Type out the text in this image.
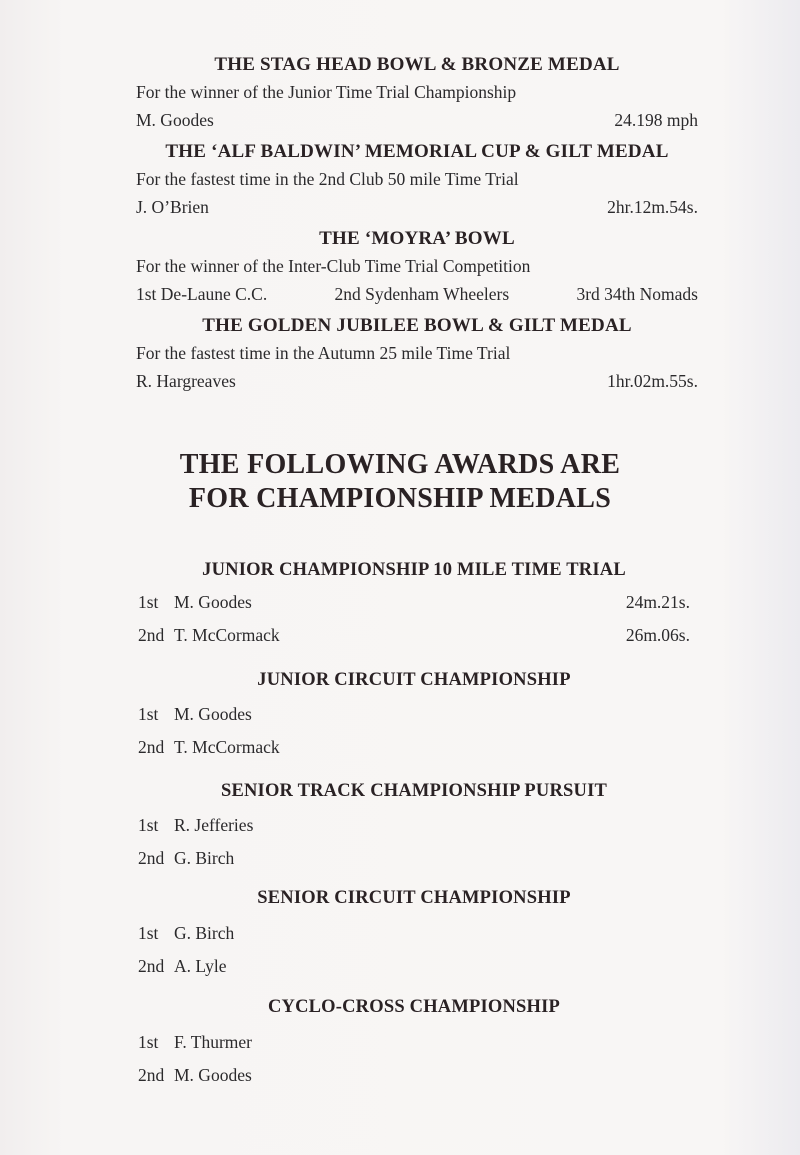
THE STAG HEAD BOWL & BRONZE MEDAL
For the winner of the Junior Time Trial Championship
M. Goodes	24.198 mph
THE ‘ALF BALDWIN’ MEMORIAL CUP & GILT MEDAL
For the fastest time in the 2nd Club 50 mile Time Trial
J. O’Brien	2hr.12m.54s.
THE ‘MOYRA’ BOWL
For the winner of the Inter-Club Time Trial Competition
1st De-Laune C.C.	2nd Sydenham Wheelers	3rd 34th Nomads
THE GOLDEN JUBILEE BOWL & GILT MEDAL
For the fastest time in the Autumn 25 mile Time Trial
R. Hargreaves	1hr.02m.55s.
THE FOLLOWING AWARDS ARE
FOR CHAMPIONSHIP MEDALS
JUNIOR CHAMPIONSHIP 10 MILE TIME TRIAL
1st M. Goodes	24m.21s.
2nd T. McCormack	26m.06s.
JUNIOR CIRCUIT CHAMPIONSHIP
1st M. Goodes
2nd T. McCormack
SENIOR TRACK CHAMPIONSHIP PURSUIT
1st R. Jefferies
2nd G. Birch
SENIOR CIRCUIT CHAMPIONSHIP
1st G. Birch
2nd A. Lyle
CYCLO-CROSS CHAMPIONSHIP
1st F. Thurmer
2nd M. Goodes
